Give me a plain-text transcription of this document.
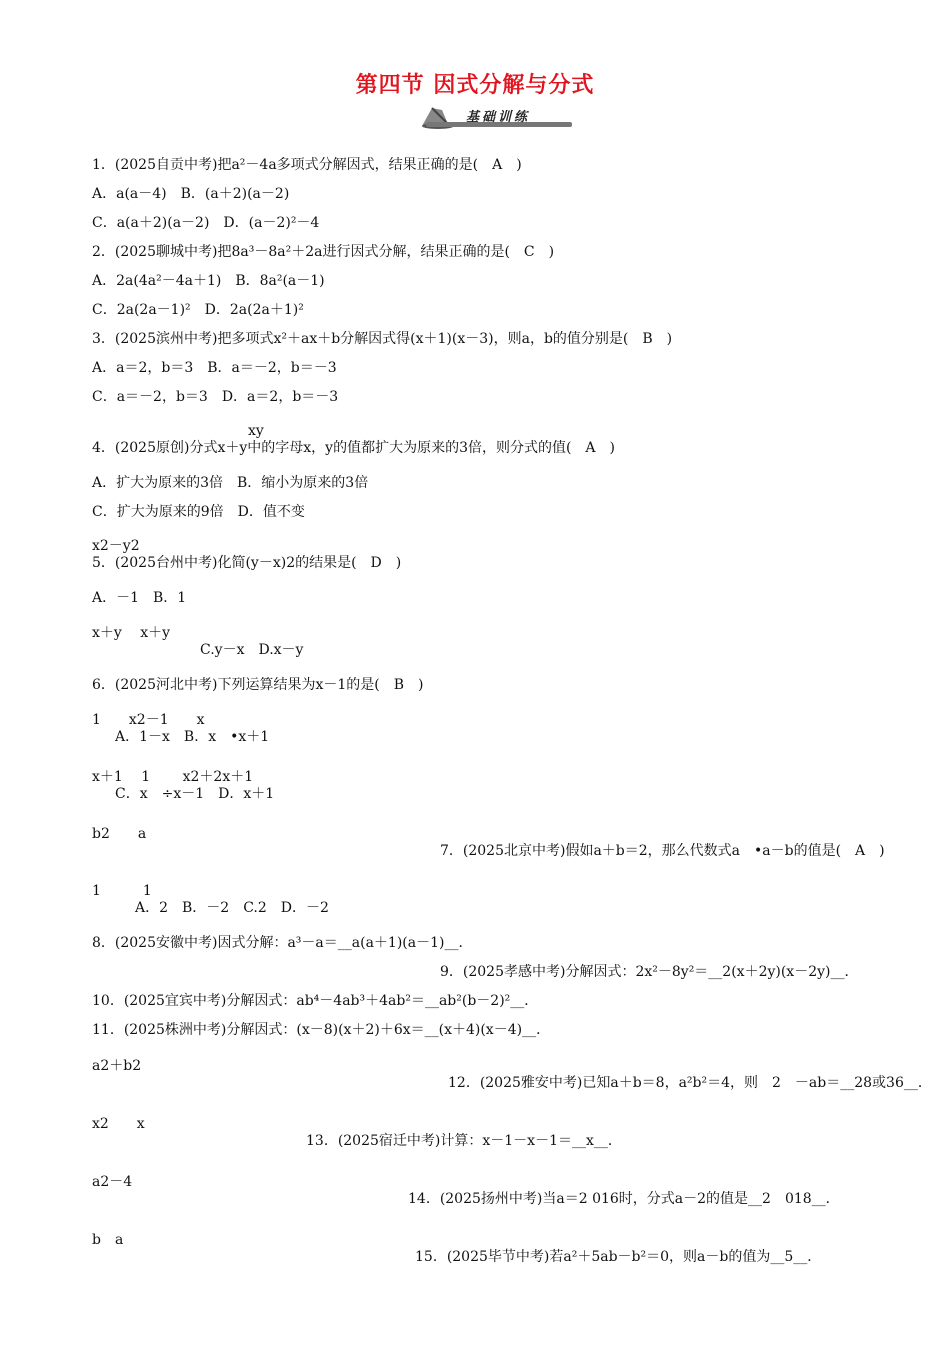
第四节 因式分解与分式
基础训练
1．(2025自贡中考)把a²－4a多项式分解因式，结果正确的是(　A　)
A．a(a－4)　B．(a＋2)(a－2)
C．a(a＋2)(a－2)　D．(a－2)²－4
2．(2025聊城中考)把8a³－8a²＋2a进行因式分解，结果正确的是(　C　)
A．2a(4a²－4a＋1)　B．8a²(a－1)
C．2a(2a－1)²　D．2a(2a＋1)²
3．(2025滨州中考)把多项式x²＋ax＋b分解因式得(x＋1)(x－3)，则a，b的值分别是(　B　)
A．a＝2，b＝3　B．a＝－2，b＝－3
C．a＝－2，b＝3　D．a＝2，b＝－3
xy
4．(2025原创)分式x＋y中的字母x，y的值都扩大为原来的3倍，则分式的值(　A　)
A．扩大为原来的3倍　B．缩小为原来的3倍
C．扩大为原来的9倍　D．值不变
x2－y2
5．(2025台州中考)化简(y－x)2的结果是(　D　)
A．－1　B．1
x＋y　 x＋y
C.y－x　D.x－y
6．(2025河北中考)下列运算结果为x－1的是(　B　)
1　　x2－1　　x
A．1－x　B．x　•x＋1
x＋1　 1　　 x2＋2x＋1
C．x　÷x－1　D．x＋1
b2　　a
7．(2025北京中考)假如a＋b＝2，那么代数式a　•a－b的值是(　A　)
1　　　1
A．2　B．－2　C.2　D．－2
8．(2025安徽中考)因式分解：a³－a＝__a(a＋1)(a－1)__．
9．(2025孝感中考)分解因式：2x²－8y²＝__2(x＋2y)(x－2y)__．
10．(2025宜宾中考)分解因式：ab⁴－4ab³＋4ab²＝__ab²(b－2)²__．
11．(2025株洲中考)分解因式：(x－8)(x＋2)＋6x＝__(x＋4)(x－4)__．
a2＋b2
12．(2025雅安中考)已知a＋b＝8，a²b²＝4，则　2　－ab＝__28或36__．
x2　　x
13．(2025宿迁中考)计算：x－1－x－1＝__x__．
a2－4
14．(2025扬州中考)当a＝2 016时，分式a－2的值是__2　018__．
b　a
15．(2025毕节中考)若a²＋5ab－b²＝0，则a－b的值为__5__．
